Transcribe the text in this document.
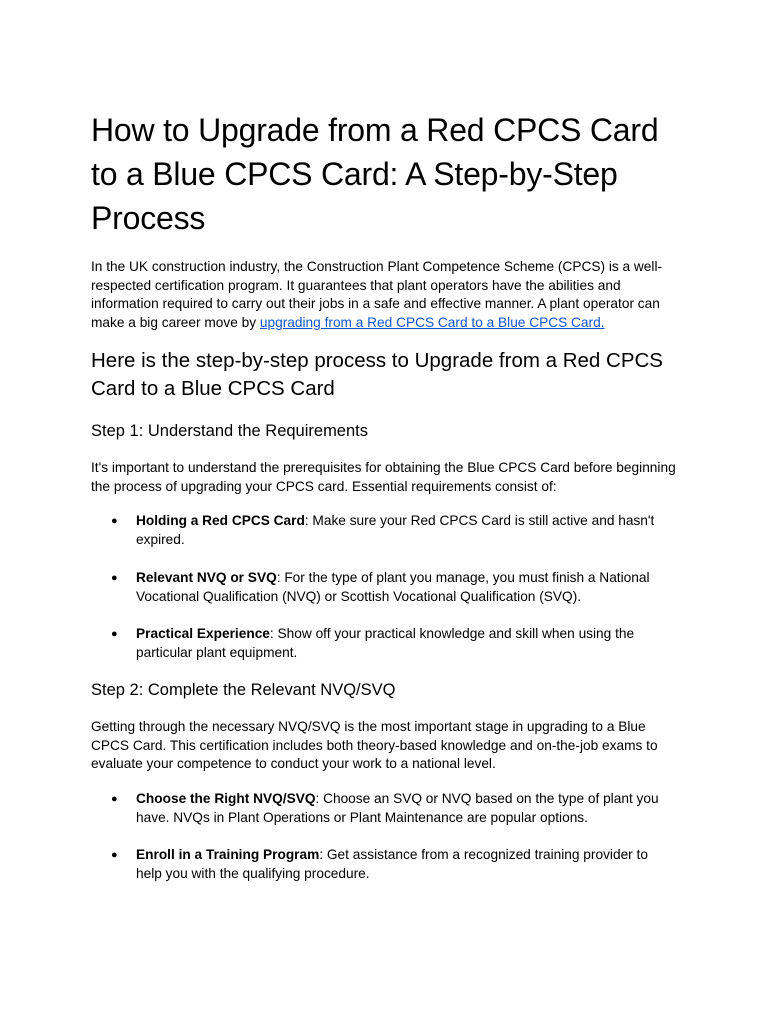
How to Upgrade from a Red CPCS Card to a Blue CPCS Card: A Step-by-Step Process

In the UK construction industry, the Construction Plant Competence Scheme (CPCS) is a well-respected certification program. It guarantees that plant operators have the abilities and information required to carry out their jobs in a safe and effective manner. A plant operator can make a big career move by upgrading from a Red CPCS Card to a Blue CPCS Card.

Here is the step-by-step process to Upgrade from a Red CPCS Card to a Blue CPCS Card
Step 1: Understand the Requirements

It's important to understand the prerequisites for obtaining the Blue CPCS Card before beginning the process of upgrading your CPCS card. Essential requirements consist of:

● Holding a Red CPCS Card: Make sure your Red CPCS Card is still active and hasn't expired.
● Relevant NVQ or SVQ: For the type of plant you manage, you must finish a National Vocational Qualification (NVQ) or Scottish Vocational Qualification (SVQ).
● Practical Experience: Show off your practical knowledge and skill when using the particular plant equipment.
Step 2: Complete the Relevant NVQ/SVQ

Getting through the necessary NVQ/SVQ is the most important stage in upgrading to a Blue CPCS Card. This certification includes both theory-based knowledge and on-the-job exams to evaluate your competence to conduct your work to a national level.

● Choose the Right NVQ/SVQ: Choose an SVQ or NVQ based on the type of plant you have. NVQs in Plant Operations or Plant Maintenance are popular options.
● Enroll in a Training Program: Get assistance from a recognized training provider to help you with the qualifying procedure.
